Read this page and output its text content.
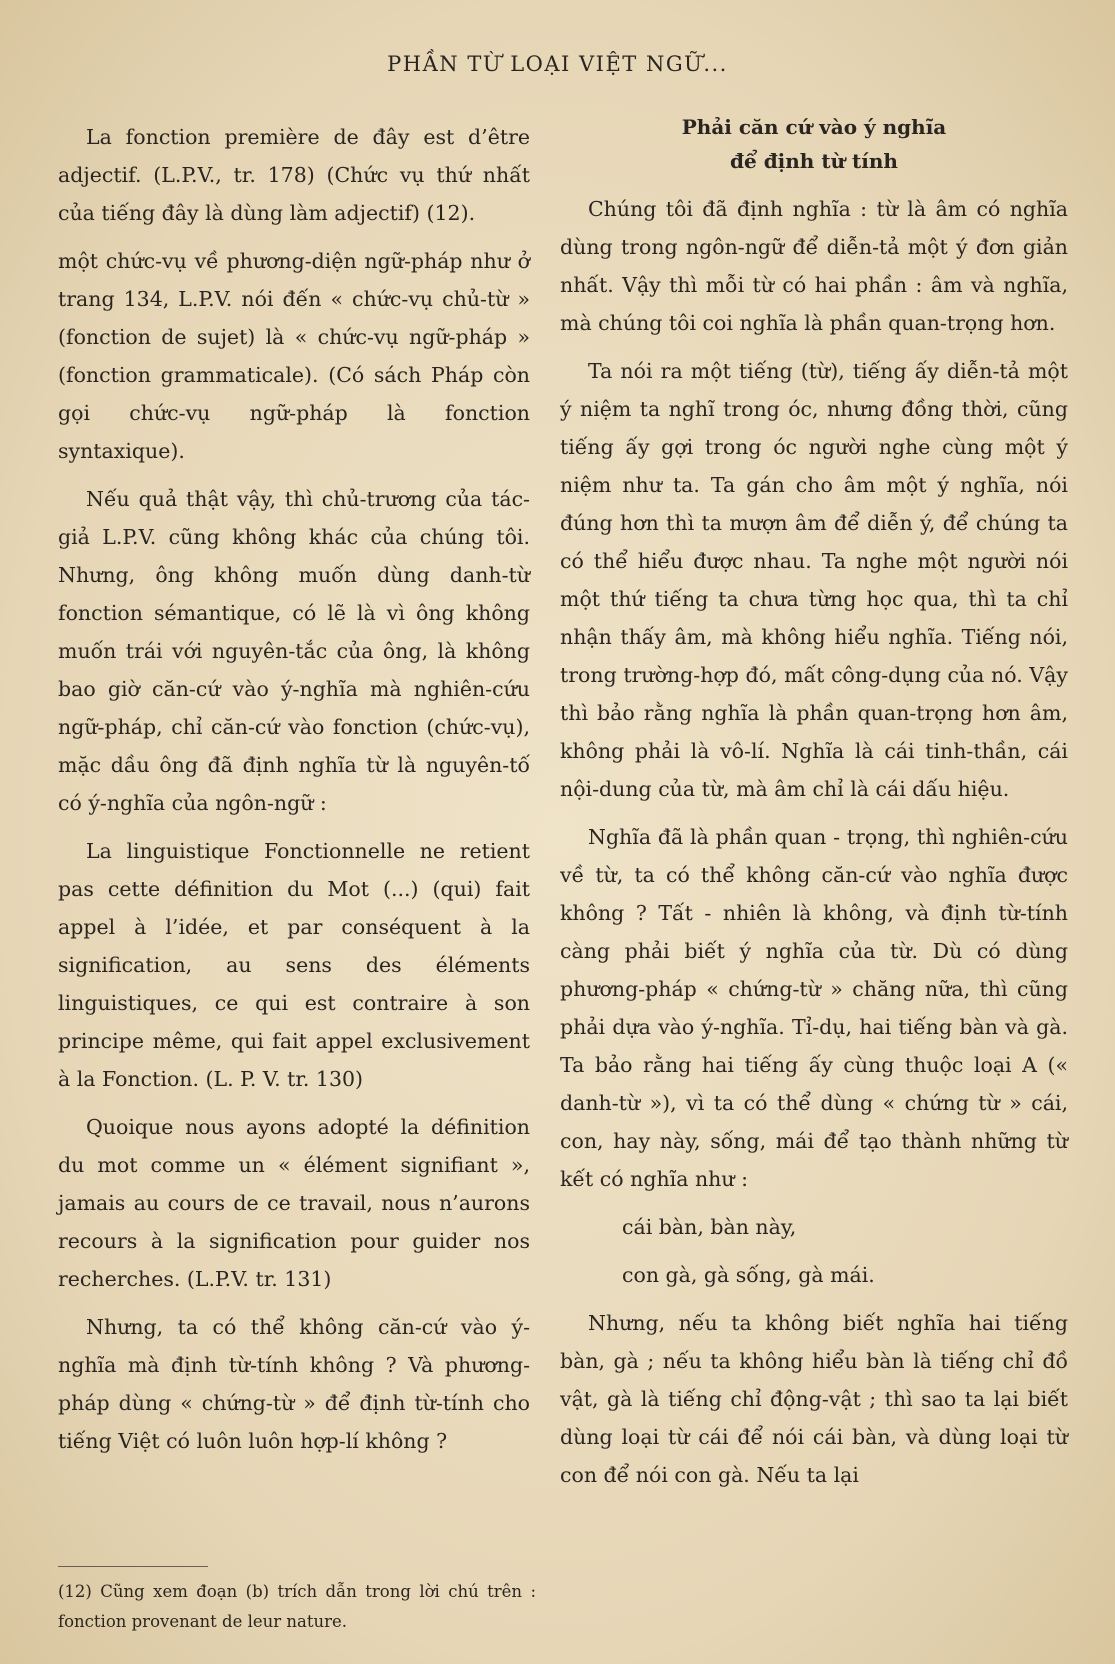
PHẦN TỪ LOẠI VIỆT NGỮ...

La fonction première de đây est d’être adjectif. (L.P.V., tr. 178) (Chức vụ thứ nhất của tiếng đây là dùng làm adjectif) (12).

một chức-vụ về phương-diện ngữ-pháp như ở trang 134, L.P.V. nói đến « chức-vụ chủ-từ » (fonction de sujet) là « chức-vụ ngữ-pháp » (fonction grammaticale). (Có sách Pháp còn gọi chức-vụ ngữ-pháp là fonction syntaxique).

Nếu quả thật vậy, thì chủ-trương của tác-giả L.P.V. cũng không khác của chúng tôi. Nhưng, ông không muốn dùng danh-từ fonction sémantique, có lẽ là vì ông không muốn trái với nguyên-tắc của ông, là không bao giờ căn-cứ vào ý-nghĩa mà nghiên-cứu ngữ-pháp, chỉ căn-cứ vào fonction (chức-vụ), mặc dầu ông đã định nghĩa từ là nguyên-tố có ý-nghĩa của ngôn-ngữ :

La linguistique Fonctionnelle ne retient pas cette définition du Mot (...) (qui) fait appel à l’idée, et par conséquent à la signification, au sens des éléments linguistiques, ce qui est contraire à son principe même, qui fait appel exclusivement à la Fonction. (L. P. V. tr. 130)

Quoique nous ayons adopté la définition du mot comme un « élément signifiant », jamais au cours de ce travail, nous n’aurons recours à la signification pour guider nos recherches. (L.P.V. tr. 131)

Nhưng, ta có thể không căn-cứ vào ý-nghĩa mà định từ-tính không ? Và phương-pháp dùng « chứng-từ » để định từ-tính cho tiếng Việt có luôn luôn hợp-lí không ?

(12) Cũng xem đoạn (b) trích dẫn trong lời chú trên : fonction provenant de leur nature.
Phải căn cứ vào ý nghĩa
để định từ tính

Chúng tôi đã định nghĩa : từ là âm có nghĩa dùng trong ngôn-ngữ để diễn-tả một ý đơn giản nhất. Vậy thì mỗi từ có hai phần : âm và nghĩa, mà chúng tôi coi nghĩa là phần quan-trọng hơn.

Ta nói ra một tiếng (từ), tiếng ấy diễn-tả một ý niệm ta nghĩ trong óc, nhưng đồng thời, cũng tiếng ấy gợi trong óc người nghe cùng một ý niệm như ta. Ta gán cho âm một ý nghĩa, nói đúng hơn thì ta mượn âm để diễn ý, để chúng ta có thể hiểu được nhau. Ta nghe một người nói một thứ tiếng ta chưa từng học qua, thì ta chỉ nhận thấy âm, mà không hiểu nghĩa. Tiếng nói, trong trường-hợp đó, mất công-dụng của nó. Vậy thì bảo rằng nghĩa là phần quan-trọng hơn âm, không phải là vô-lí. Nghĩa là cái tinh-thần, cái nội-dung của từ, mà âm chỉ là cái dấu hiệu.

Nghĩa đã là phần quan - trọng, thì nghiên-cứu về từ, ta có thể không căn-cứ vào nghĩa được không ? Tất - nhiên là không, và định từ-tính càng phải biết ý nghĩa của từ. Dù có dùng phương-pháp « chứng-từ » chăng nữa, thì cũng phải dựa vào ý-nghĩa. Tỉ-dụ, hai tiếng bàn và gà. Ta bảo rằng hai tiếng ấy cùng thuộc loại A (« danh-từ »), vì ta có thể dùng « chứng từ » cái, con, hay này, sống, mái để tạo thành những từ kết có nghĩa như :

cái bàn, bàn này,

con gà, gà sống, gà mái.

Nhưng, nếu ta không biết nghĩa hai tiếng bàn, gà ; nếu ta không hiểu bàn là tiếng chỉ đồ vật, gà là tiếng chỉ động-vật ; thì sao ta lại biết dùng loại từ cái để nói cái bàn, và dùng loại từ con để nói con gà. Nếu ta lại
